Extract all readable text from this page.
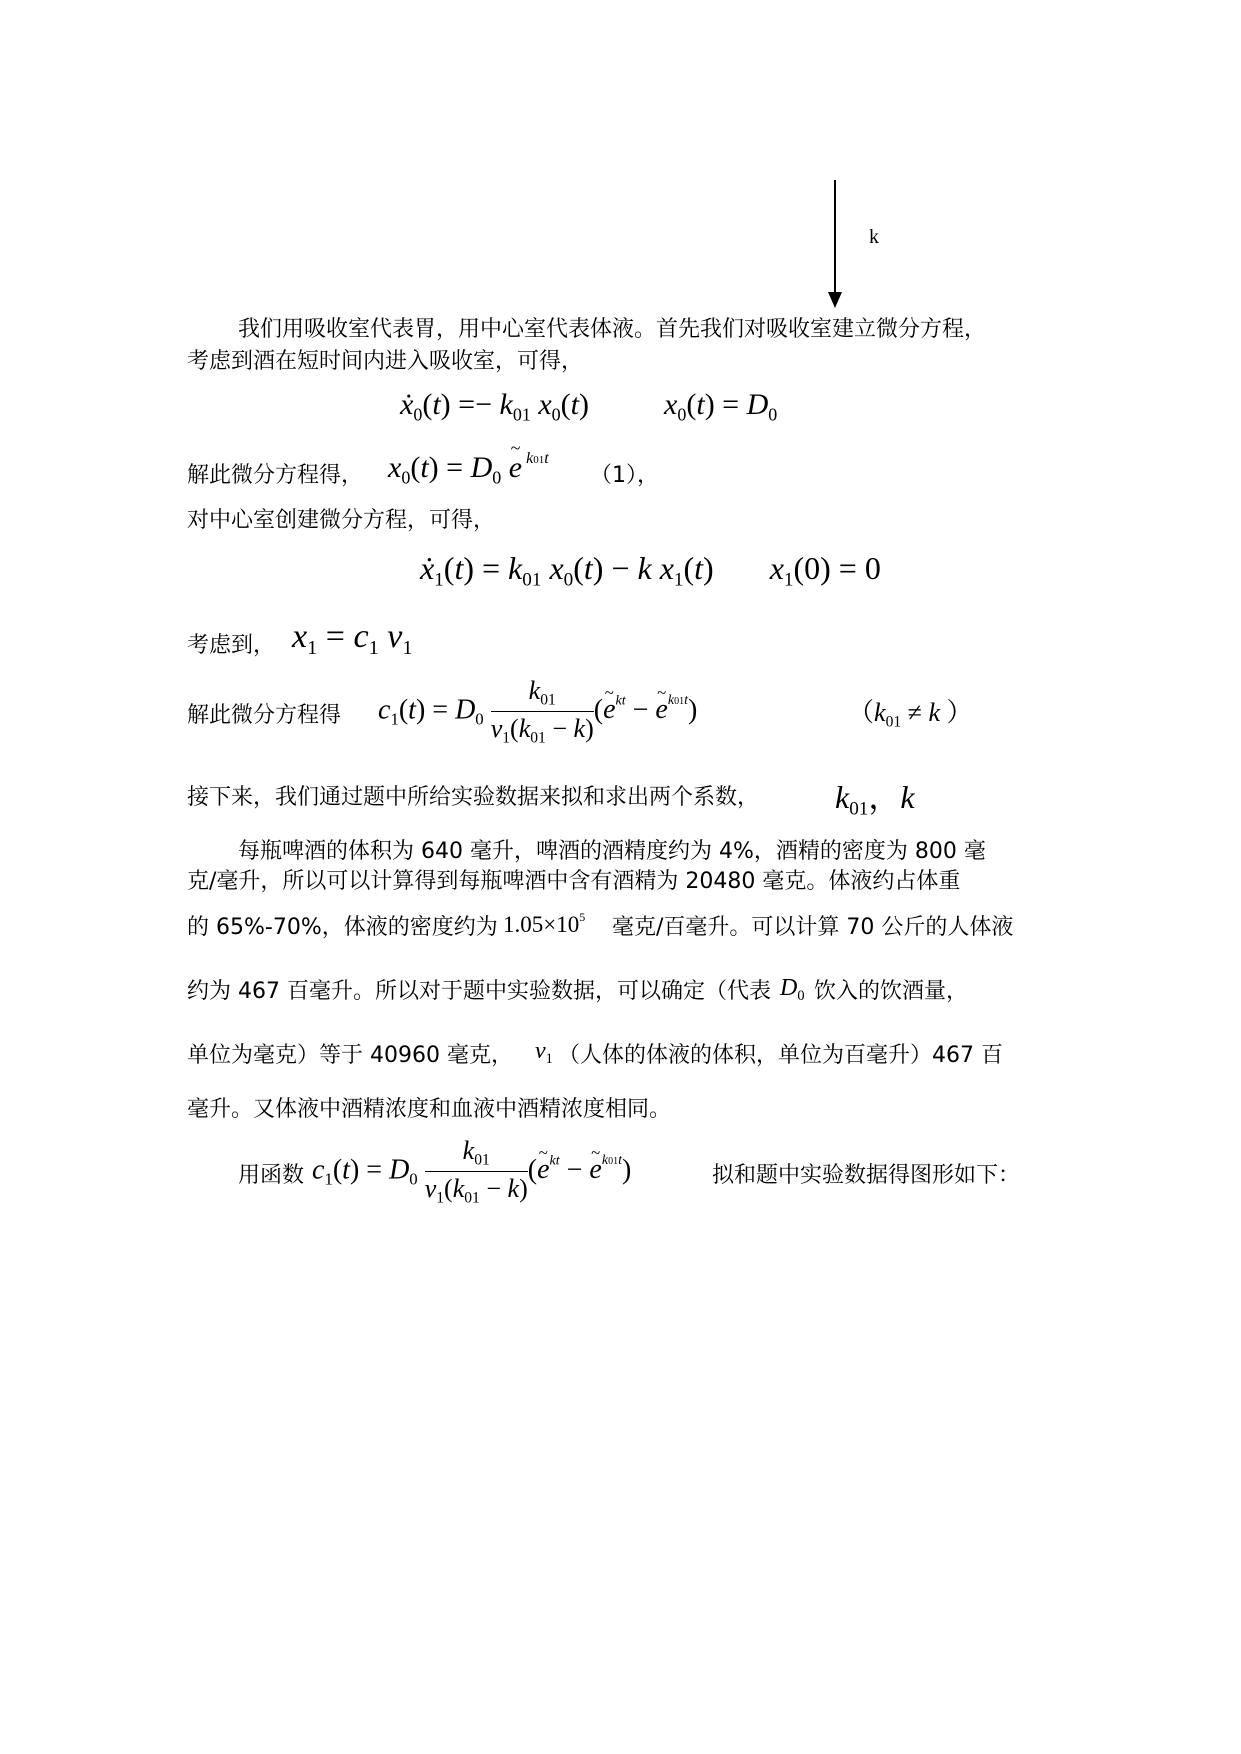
k
我们用吸收室代表胃，用中心室代表体液。首先我们对吸收室建立微分方程，
考虑到酒在短时间内进入吸收室，可得，
$ẋ_0(t) =- k_{01}$ $x_0(t) x_0(t) = D_0$
解此微分方程得， $x_0(t) = D_0$ e ~ $^{k01t}$
（1），
对中心室创建微分方程，可得，
$ẋ_1(t) = k_{01}$ $x_0(t) - k$ $x_1(t) x_1(0) = 0$
考虑到， $x_1 = c_1$ $v_1$
解此微分方程得 $c_1(t) = D_0 \frac{k_{01}}{v_1(k_{01} - k)} (e$ ~$^{kt}$ − e ~$^{k01t}$)	（$k_{01} \ne k$ ）
接下来，我们通过题中所给实验数据来拟和求出两个系数， $k_{01}$，k
每瓶啤酒的体积为 640 毫升，啤酒的酒精度约为 4%，酒精的密度为 800 毫
克/毫升，所以可以计算得到每瓶啤酒中含有酒精为 20480 毫克。体液约占体重
的 65%-70%，体液的密度约为 $1.05\times 10^5$ 毫克/百毫升。可以计算 70 公斤的人体液
约为 467 百毫升。所以对于题中实验数据，可以确定（代表 $D_0$ 饮入的饮酒量，
单位为毫克）等于 40960 毫克， $v_1$ （人体的体液的体积，单位为百毫升）467 百
毫升。又体液中酒精浓度和血液中酒精浓度相同。
用函数 $c_1(t) = D_0 \frac{k_{01}}{v_1(k_{01} - k)} (e$ ~$^{kt}$ − e ~$^{k01t}$)	拟和题中实验数据得图形如下：
